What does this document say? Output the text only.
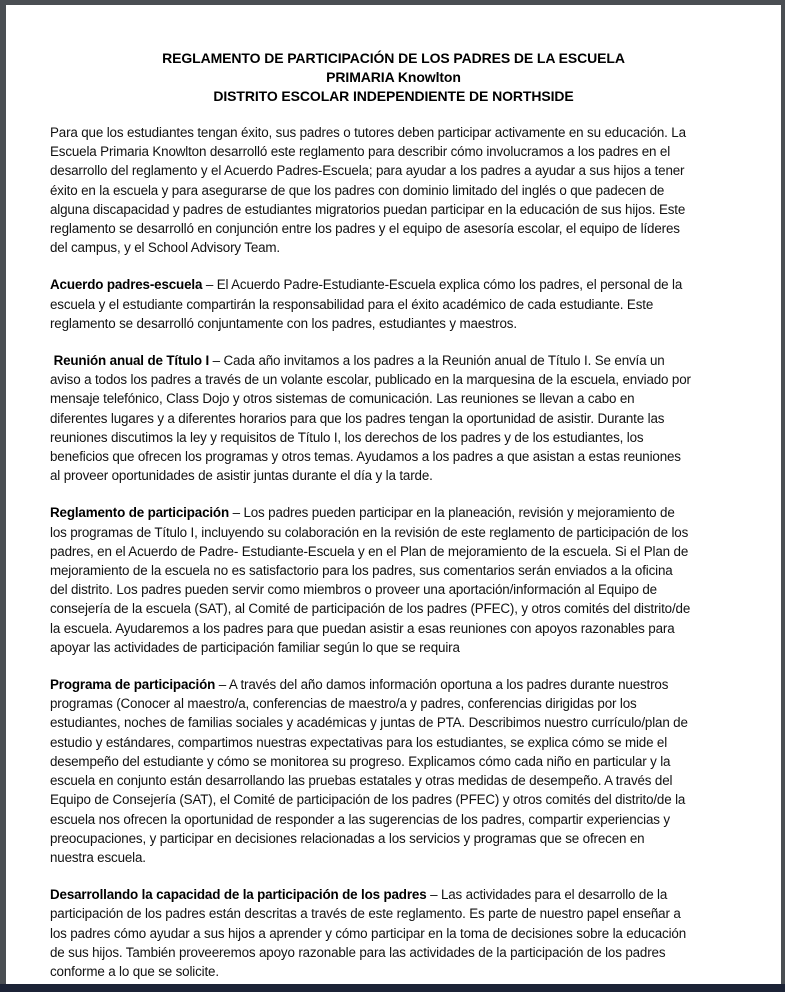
REGLAMENTO DE PARTICIPACIÓN DE LOS PADRES DE LA ESCUELA
PRIMARIA Knowlton
DISTRITO ESCOLAR INDEPENDIENTE DE NORTHSIDE

Para que los estudiantes tengan éxito, sus padres o tutores deben participar activamente en su educación. La
Escuela Primaria Knowlton desarrolló este reglamento para describir cómo involucramos a los padres en el
desarrollo del reglamento y el Acuerdo Padres-Escuela; para ayudar a los padres a ayudar a sus hijos a tener
éxito en la escuela y para asegurarse de que los padres con dominio limitado del inglés o que padecen de
alguna discapacidad y padres de estudiantes migratorios puedan participar en la educación de sus hijos. Este
reglamento se desarrolló en conjunción entre los padres y el equipo de asesoría escolar, el equipo de líderes
del campus, y el School Advisory Team.

Acuerdo padres-escuela – El Acuerdo Padre-Estudiante-Escuela explica cómo los padres, el personal de la
escuela y el estudiante compartirán la responsabilidad para el éxito académico de cada estudiante. Este
reglamento se desarrolló conjuntamente con los padres, estudiantes y maestros.

Reunión anual de Título I – Cada año invitamos a los padres a la Reunión anual de Título I. Se envía un
aviso a todos los padres a través de un volante escolar, publicado en la marquesina de la escuela, enviado por
mensaje telefónico, Class Dojo y otros sistemas de comunicación. Las reuniones se llevan a cabo en
diferentes lugares y a diferentes horarios para que los padres tengan la oportunidad de asistir. Durante las
reuniones discutimos la ley y requisitos de Título I, los derechos de los padres y de los estudiantes, los
beneficios que ofrecen los programas y otros temas. Ayudamos a los padres a que asistan a estas reuniones
al proveer oportunidades de asistir juntas durante el día y la tarde.

Reglamento de participación – Los padres pueden participar en la planeación, revisión y mejoramiento de
los programas de Título I, incluyendo su colaboración en la revisión de este reglamento de participación de los
padres, en el Acuerdo de Padre- Estudiante-Escuela y en el Plan de mejoramiento de la escuela. Si el Plan de
mejoramiento de la escuela no es satisfactorio para los padres, sus comentarios serán enviados a la oficina
del distrito. Los padres pueden servir como miembros o proveer una aportación/información al Equipo de
consejería de la escuela (SAT), al Comité de participación de los padres (PFEC), y otros comités del distrito/de
la escuela. Ayudaremos a los padres para que puedan asistir a esas reuniones con apoyos razonables para
apoyar las actividades de participación familiar según lo que se requira

Programa de participación – A través del año damos información oportuna a los padres durante nuestros
programas (Conocer al maestro/a, conferencias de maestro/a y padres, conferencias dirigidas por los
estudiantes, noches de familias sociales y académicas y juntas de PTA. Describimos nuestro currículo/plan de
estudio y estándares, compartimos nuestras expectativas para los estudiantes, se explica cómo se mide el
desempeño del estudiante y cómo se monitorea su progreso. Explicamos cómo cada niño en particular y la
escuela en conjunto están desarrollando las pruebas estatales y otras medidas de desempeño. A través del
Equipo de Consejería (SAT), el Comité de participación de los padres (PFEC) y otros comités del distrito/de la
escuela nos ofrecen la oportunidad de responder a las sugerencias de los padres, compartir experiencias y
preocupaciones, y participar en decisiones relacionadas a los servicios y programas que se ofrecen en
nuestra escuela.

Desarrollando la capacidad de la participación de los padres – Las actividades para el desarrollo de la
participación de los padres están descritas a través de este reglamento. Es parte de nuestro papel enseñar a
los padres cómo ayudar a sus hijos a aprender y cómo participar en la toma de decisiones sobre la educación
de sus hijos. También proveeremos apoyo razonable para las actividades de la participación de los padres
conforme a lo que se solicite.
